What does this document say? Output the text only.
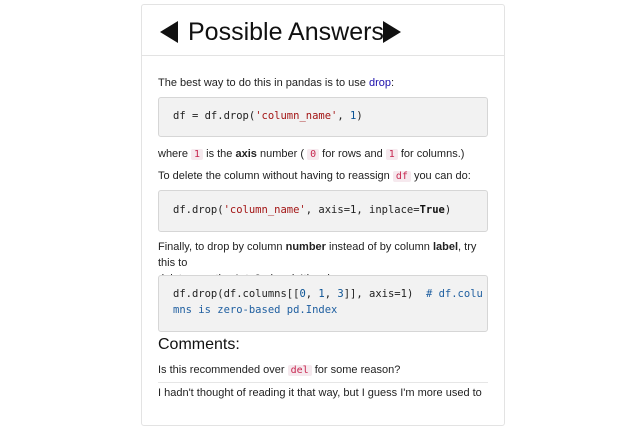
Possible Answers
The best way to do this in pandas is to use drop:

df = df.drop('column_name', 1)

where 1 is the axis number ( 0 for rows and 1 for columns.)
To delete the column without having to reassign df you can do:

df.drop('column_name', axis=1, inplace=True)

Finally, to drop by column number instead of by column label, try this to

df.drop(df.columns[[0, 1, 3]], axis=1)  # df.colu

mns is zero-based pd.Index

Comments:
Is this recommended over del for some reason?
I hadn't thought of reading it that way, but I guess I'm more used to
